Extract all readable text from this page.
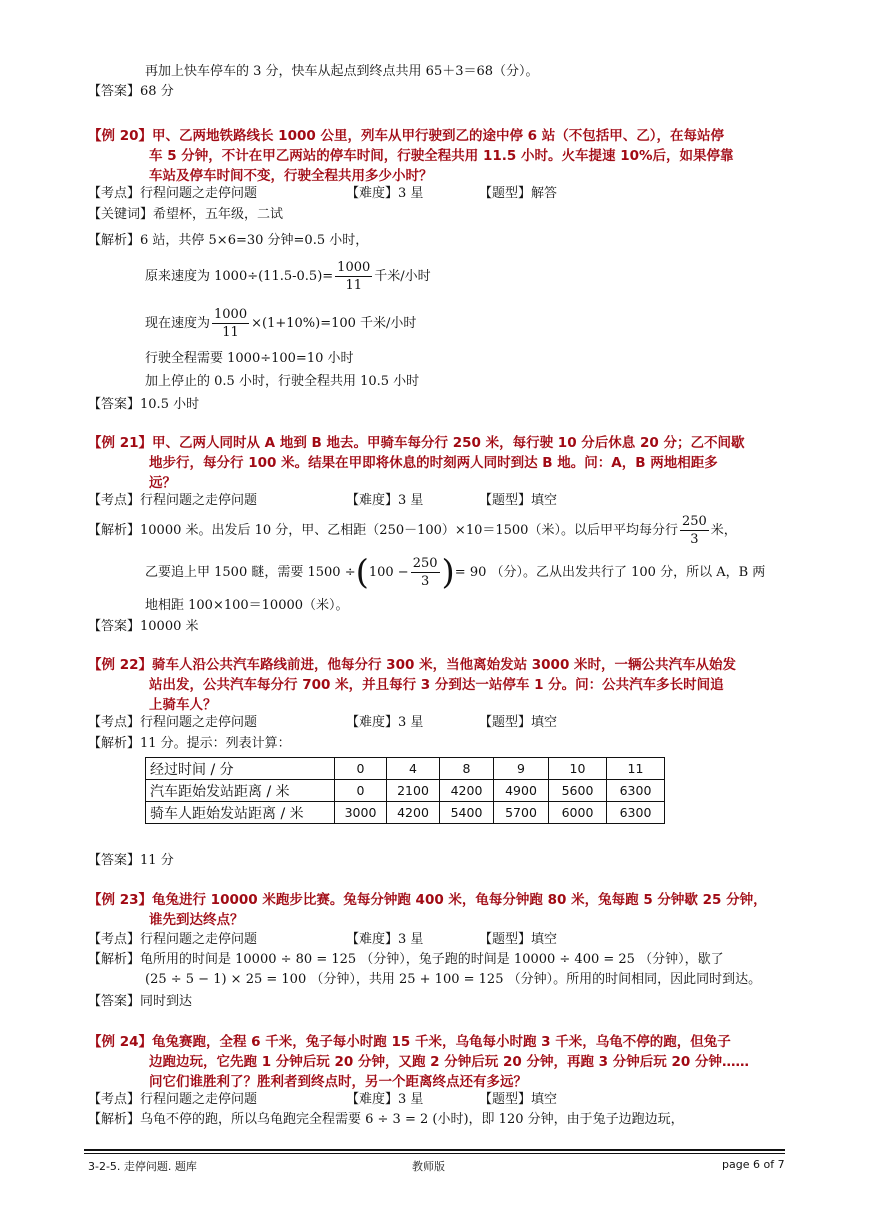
再加上快车停车的 3 分，快车从起点到终点共用 65＋3＝68（分）。
【答案】68 分
【例 20】甲、乙两地铁路线长 1000 公里，列车从甲行驶到乙的途中停 6 站（不包括甲、乙），在每站停
车 5 分钟，不计在甲乙两站的停车时间，行驶全程共用 11.5 小时。火车提速 10%后，如果停靠
车站及停车时间不变，行驶全程共用多少小时？
【考点】行程问题之走停问题	【难度】3 星	【题型】解答
【关键词】希望杯，五年级，二试
【解析】6 站，共停 5×6=30 分钟=0.5 小时，
原来速度为 $1000\div(11.5-0.5)= \frac{1000}{11}$ 千米/小时
现在速度为 $\frac{1000}{11} \times(1+10\%)=100$ 千米/小时
行驶全程需要 1000÷100=10 小时
加上停止的 0.5 小时，行驶全程共用 10.5 小时
【答案】10.5 小时
【例 21】甲、乙两人同时从 A 地到 B 地去。甲骑车每分行 250 米，每行驶 10 分后休息 20 分；乙不间歇
地步行，每分行 100 米。结果在甲即将休息的时刻两人同时到达 B 地。问：A，B 两地相距多
远？
【考点】行程问题之走停问题	【难度】3 星	【题型】填空
【解析】10000 米。出发后 10 分，甲、乙相距（250－100）×10＝1500（米）。以后甲平均每分行 $\frac{250}{3}$ 米，
乙要追上甲 1500 瞇，需要 $1500 \div(100 - \frac{250}{3}$ )= 90 （分）。乙从出发共行了 100 分，所以 A，B 两
地相距 100×100＝10000（米）。
【答案】10000 米
【例 22】骑车人沿公共汽车路线前进，他每分行 300 米，当他离始发站 3000 米时，一辆公共汽车从始发
站出发，公共汽车每分行 700 米，并且每行 3 分到达一站停车 1 分。问：公共汽车多长时间追
上骑车人？
【考点】行程问题之走停问题	【难度】3 星	【题型】填空
【解析】11 分。提示：列表计算：
经过时间 / 分	0	4	8	9	10	11
汽车距始发站距离 / 米	0	2100	4200	4900	5600	6300
骑车人距始发站距离 / 米	3000	4200	5400	5700	6000	6300
【答案】11 分
【例 23】龟兔进行 10000 米跑步比赛。兔每分钟跑 400 米，龟每分钟跑 80 米，兔每跑 5 分钟歇 25 分钟，
谁先到达终点？
【考点】行程问题之走停问题	【难度】3 星	【题型】填空
【解析】龟所用的时间是 10000 ÷ 80 = 125 （分钟），兔子跑的时间是 10000 ÷ 400 = 25 （分钟），歇了
(25 ÷ 5 − 1) × 25 = 100 （分钟），共用 25 + 100 = 125 （分钟）。所用的时间相同，因此同时到达。
【答案】同时到达
【例 24】龟兔赛跑，全程 6 千米，兔子每小时跑 15 千米，乌龟每小时跑 3 千米，乌龟不停的跑，但兔子
边跑边玩，它先跑 1 分钟后玩 20 分钟，又跑 2 分钟后玩 20 分钟，再跑 3 分钟后玩 20 分钟……
问它们谁胜利了？胜利者到终点时，另一个距离终点还有多远？
【考点】行程问题之走停问题	【难度】3 星	【题型】填空
【解析】乌龟不停的跑，所以乌龟跑完全程需要 6 ÷ 3 = 2 (小时)，即 120 分钟，由于兔子边跑边玩，
3-2-5. 走停问题. 题库	教师版	page 6 of 7
